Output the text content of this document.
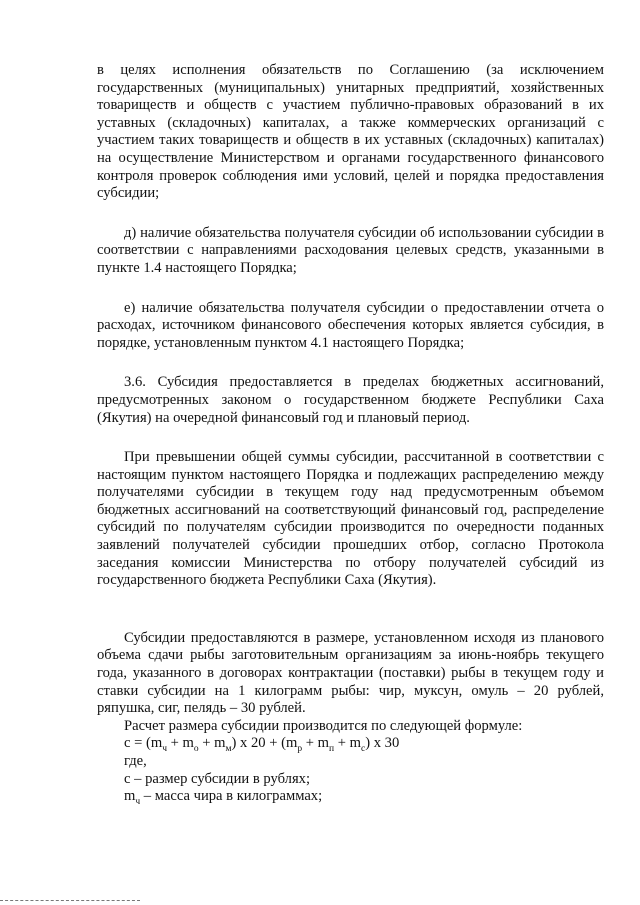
в целях исполнения обязательств по Соглашению (за исключением государственных (муниципальных) унитарных предприятий, хозяйственных товариществ и обществ с участием публично-правовых образований в их уставных (складочных) капиталах, а также коммерческих организаций с участием таких товариществ и обществ в их уставных (складочных) капиталах) на осуществление Министерством и органами государственного финансового контроля проверок соблюдения ими условий, целей и порядка предоставления субсидии;

д) наличие обязательства получателя субсидии об использовании субсидии в соответствии с направлениями расходования целевых средств, указанными в пункте 1.4 настоящего Порядка;

е) наличие обязательства получателя субсидии о предоставлении отчета о расходах, источником финансового обеспечения которых является субсидия, в порядке, установленным пунктом 4.1 настоящего Порядка;

3.6. Субсидия предоставляется в пределах бюджетных ассигнований, предусмотренных законом о государственном бюджете Республики Саха (Якутия) на очередной финансовый год и плановый период.

При превышении общей суммы субсидии, рассчитанной в соответствии с настоящим пунктом настоящего Порядка и подлежащих распределению между получателями субсидии в текущем году над предусмотренным объемом бюджетных ассигнований на соответствующий финансовый год, распределение субсидий по получателям субсидии производится по очередности поданных заявлений получателей субсидии прошедших отбор, согласно Протокола заседания комиссии Министерства по отбору получателей субсидий из государственного бюджета Республики Саха (Якутия).

Субсидии предоставляются в размере, установленном исходя из планового объема сдачи рыбы заготовительным организациям за июнь-ноябрь текущего года, указанного в договорах контрактации (поставки) рыбы в текущем году и ставки субсидии на 1 килограмм рыбы: чир, муксун, омуль – 20 рублей, ряпушка, сиг, пелядь – 30 рублей.

Расчет размера субсидии производится по следующей формуле:

$с = (m_ч + m_о + m_м)$ х $20 + (m_р + m_п + m_с)$ х 30

где,

с – размер субсидии в рублях;

$m_ч$ – масса чира в килограммах;
